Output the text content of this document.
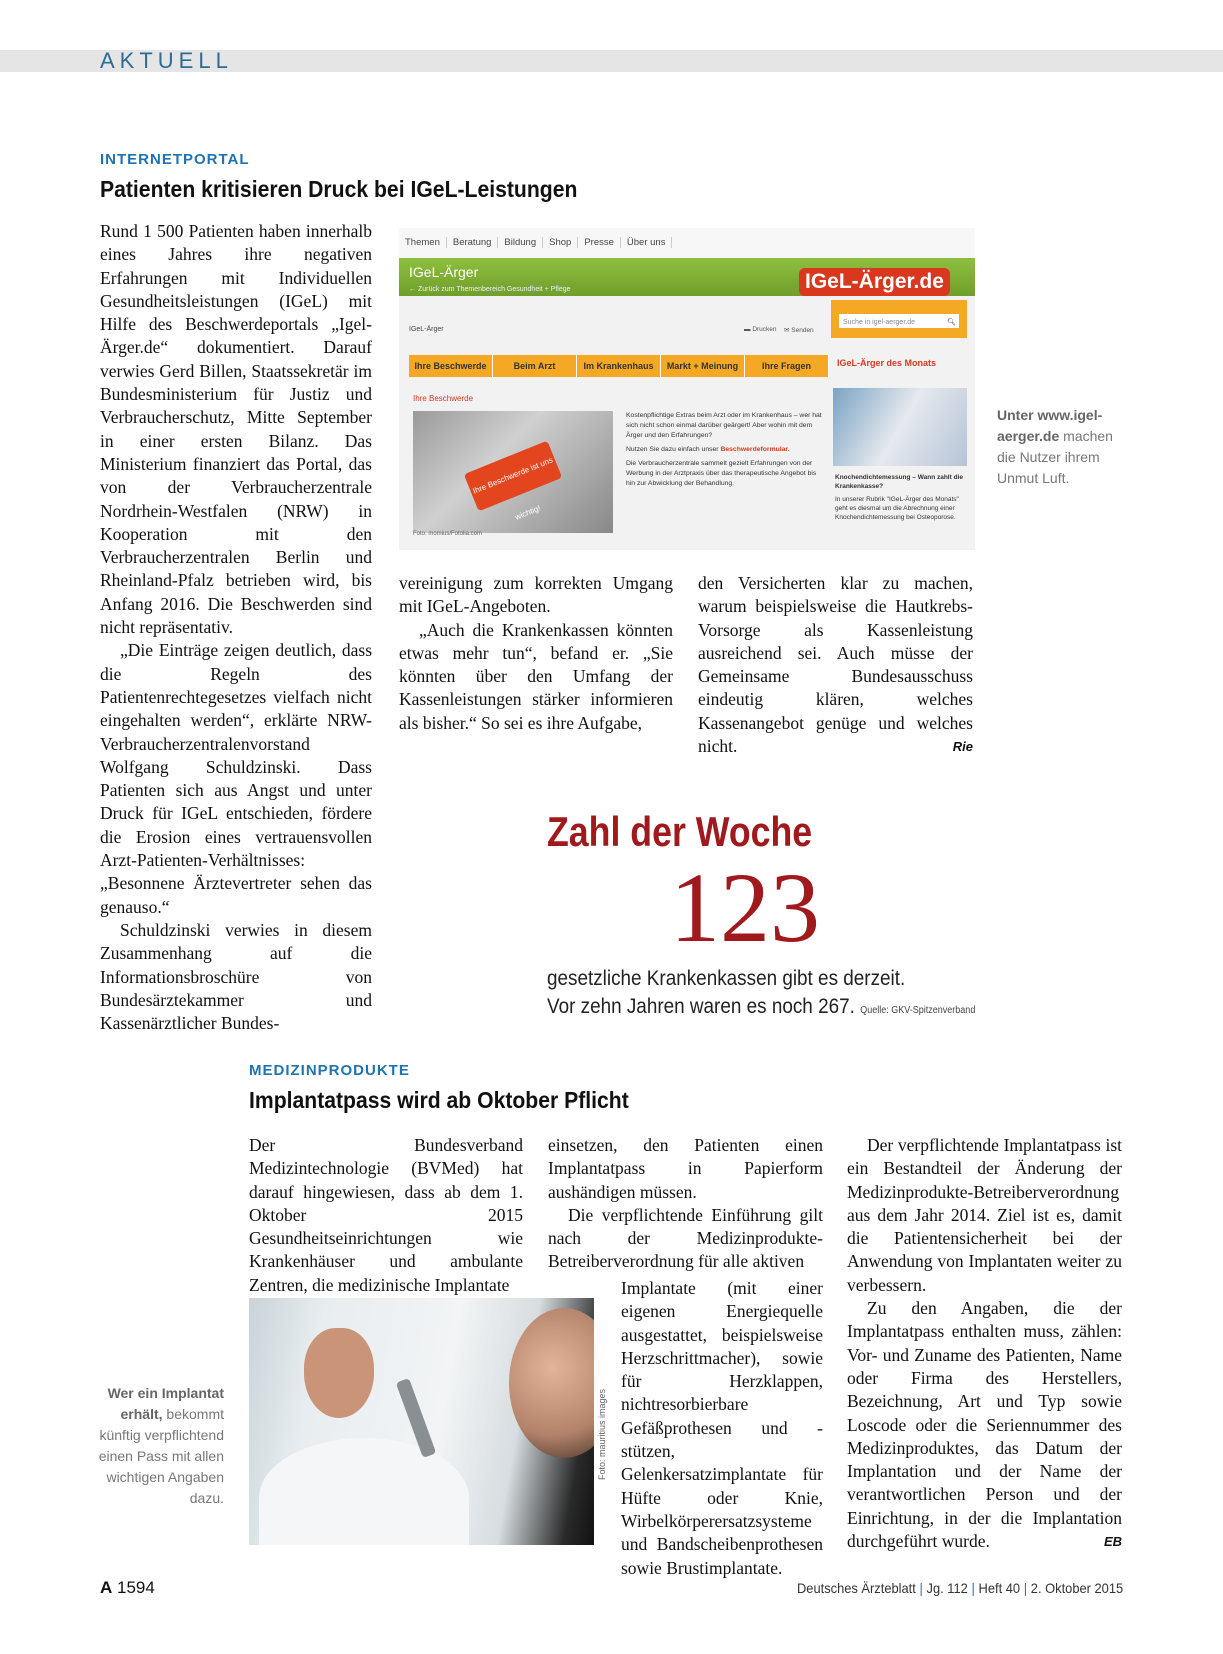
AKTUELL
INTERNETPORTAL
Patienten kritisieren Druck bei IGeL-Leistungen

Rund 1 500 Patienten haben innerhalb eines Jahres ihre negativen Erfahrungen mit Individuellen Gesundheitsleistungen (IGeL) mit Hilfe des Beschwerdeportals „Igel-Ärger.de“ dokumentiert. Darauf verwies Gerd Billen, Staatssekretär im Bundesministerium für Justiz und Verbraucherschutz, Mitte September in einer ersten Bilanz. Das Ministerium finanziert das Portal, das von der Verbraucherzentrale Nordrhein-Westfalen (NRW) in Kooperation mit den Verbraucherzentralen Berlin und Rheinland-Pfalz betrieben wird, bis Anfang 2016. Die Beschwerden sind nicht repräsentativ.

„Die Einträge zeigen deutlich, dass die Regeln des Patientenrechtegesetzes vielfach nicht eingehalten werden“, erklärte NRW-Verbraucherzentralenvorstand Wolfgang Schuldzinski. Dass Patienten sich aus Angst und unter Druck für IGeL entschieden, fördere die Erosion eines vertrauensvollen Arzt-Patienten-Verhältnisses: „Besonnene Ärztevertreter sehen das genauso.“

Schuldzinski verwies in diesem Zusammenhang auf die Informationsbroschüre von Bundesärztekammer und Kassenärztlicher Bundes-

Themen Beratung Bildung Shop Presse Über uns
IGeL-Ärger
← Zurück zum Themenbereich Gesundheit + Pflege	IGeL-Ärger.de
IGeL-Ärger	▬ Drucken ✉ Senden
Suche in igel-aerger.de	🔍︎
Ihre Beschwerde	Beim Arzt	Im Krankenhaus	Markt + Meinung	Ihre Fragen	IGeL-Ärger des Monats
Ihre Beschwerde
Ihre Beschwerde ist uns wichtig!
Kostenpflichtige Extras beim Arzt oder im Krankenhaus – wer hat sich nicht schon einmal darüber geärgert! Aber wohin mit dem Ärger und den Erfahrungen?
Nutzen Sie dazu einfach unser Beschwerdeformular.
Die Verbraucherzentrale sammelt gezielt Erfahrungen von der Werbung in der Arztpraxis über das therapeutische Angebot bis hin zur Abwicklung der Behandlung.
Knochendichtemessung – Wann zahlt die Krankenkasse?
In unserer Rubrik "IGeL-Ärger des Monats" geht es diesmal um die Abrechnung einer Knochendichtemessung bei Osteoporose.
Foto: momius/Fotolia.com
Unter www.igel-aerger.de machen die Nutzer ihrem Unmut Luft.

vereinigung zum korrekten Umgang mit IGeL-Angeboten.

„Auch die Krankenkassen könnten etwas mehr tun“, befand er. „Sie könnten über den Umfang der Kassenleistungen stärker informieren als bisher.“ So sei es ihre Aufgabe,

den Versicherten klar zu machen, warum beispielsweise die Hautkrebs-Vorsorge als Kassenleistung ausreichend sei. Auch müsse der Gemeinsame Bundesausschuss eindeutig klären, welches Kassenangebot genüge und welches nicht.	Rie

Zahl der Woche
123
gesetzliche Krankenkassen gibt es derzeit.
Vor zehn Jahren waren es noch 267. Quelle: GKV-Spitzenverband
MEDIZINPRODUKTE
Implantatpass wird ab Oktober Pflicht

Der Bundesverband Medizintechnologie (BVMed) hat darauf hingewiesen, dass ab dem 1. Oktober 2015 Gesundheitseinrichtungen wie Krankenhäuser und ambulante Zentren, die medizinische Implantate

einsetzen, den Patienten einen Implantatpass in Papierform aushändigen müssen.

Die verpflichtende Einführung gilt nach der Medizinprodukte-Betreiberverordnung für alle aktiven

Implantate (mit einer eigenen Energiequelle ausgestattet, beispielsweise Herzschrittmacher), sowie für Herzklappen, nichtresorbierbare Gefäßprothesen und -stützen, Gelenkersatzimplantate für Hüfte oder Knie, Wirbelkörperersatzsysteme und Bandscheibenprothesen sowie Brustimplantate.

Der verpflichtende Implantatpass ist ein Bestandteil der Änderung der Medizinprodukte-Betreiberverordnung aus dem Jahr 2014. Ziel ist es, damit die Patientensicherheit bei der Anwendung von Implantaten weiter zu verbessern.

Zu den Angaben, die der Implantatpass enthalten muss, zählen: Vor- und Zuname des Patienten, Name oder Firma des Herstellers, Bezeichnung, Art und Typ sowie Loscode oder die Seriennummer des Medizinproduktes, das Datum der Implantation und der Name der verantwortlichen Person und der Einrichtung, in der die Implantation durchgeführt wurde.	EB

Wer ein Implantat erhält, bekommt künftig verpflichtend einen Pass mit allen wichtigen Angaben dazu.
Foto: mauritius images
A 1594	Deutsches Ärzteblatt | Jg. 112 | Heft 40 | 2. Oktober 2015
